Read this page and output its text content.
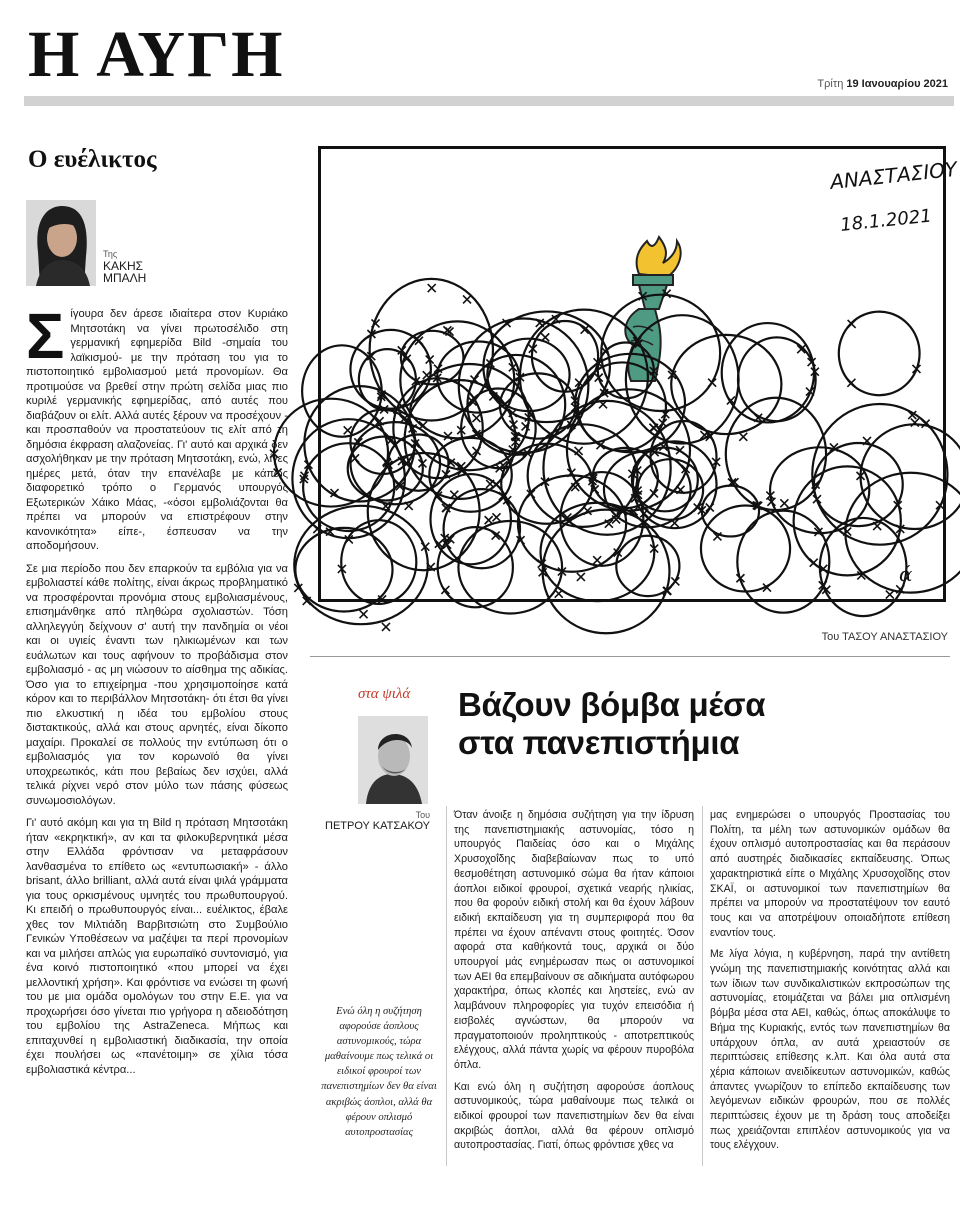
Η ΑΥΓΗ	Τρίτη 19 Ιανουαρίου 2021
Ο ευέλικτος
Της
ΚΑΚΗΣ
ΜΠΑΛΗ

Σίγουρα δεν άρεσε ιδιαίτερα στον Κυριάκο Μητσοτάκη να γίνει πρωτοσέλιδο στη γερμανική εφημερίδα Bild -σημαία του λαϊκισμού- με την πρόταση του για το πιστοποιητικό εμβολιασμού μετά προνομίων. Θα προτιμούσε να βρεθεί στην πρώτη σελίδα μιας πιο κυριλέ γερμανικής εφημερίδας, από αυτές που διαβάζουν οι ελίτ. Αλλά αυτές ξέρουν να προσέχουν - και προσπαθούν να προστατεύουν τις ελίτ από τη δημόσια έκφραση αλαζονείας. Γι' αυτό και αρχικά δεν ασχολήθηκαν με την πρόταση Μητσοτάκη, ενώ, λίγες ημέρες μετά, όταν την επανέλαβε με κάπως διαφορετικό τρόπο ο Γερμανός υπουργός Εξωτερικών Χάικο Μάας, -«όσοι εμβολιάζονται θα πρέπει να μπορούν να επιστρέφουν στην κανονικότητα» είπε-, έσπευσαν να την αποδομήσουν.

Σε μια περίοδο που δεν επαρκούν τα εμβόλια για να εμβολιαστεί κάθε πολίτης, είναι άκρως προβληματικό να προσφέρονται προνόμια στους εμβολιασμένους, επισημάνθηκε από πληθώρα σχολιαστών. Τόση αλληλεγγύη δείχνουν σ' αυτή την πανδημία οι νέοι και οι υγιείς έναντι των ηλικιωμένων και των ευάλωτων και τους αφήνουν το προβάδισμα στον εμβολιασμό - ας μη νιώσουν το αίσθημα της αδικίας. Όσο για το επιχείρημα -που χρησιμοποίησε κατά κόρον και το περιβάλλον Μητσοτάκη- ότι έτσι θα γίνει πιο ελκυστική η ιδέα του εμβολίου στους διστακτικούς, αλλά και στους αρνητές, είναι δίκοπο μαχαίρι. Προκαλεί σε πολλούς την εντύπωση ότι ο εμβολιασμός για τον κορωνοϊό θα γίνει υποχρεωτικός, κάτι που βεβαίως δεν ισχύει, αλλά τελικά ρίχνει νερό στον μύλο των πάσης φύσεως συνωμοσιολόγων.

Γι' αυτό ακόμη και για τη Bild η πρόταση Μητσοτάκη ήταν «εκρηκτική», αν και τα φιλοκυβερνητικά μέσα στην Ελλάδα φρόντισαν να μεταφράσουν λανθασμένα το επίθετο ως «εντυπωσιακή» - άλλο brisant, άλλο brilliant, αλλά αυτά είναι ψιλά γράμματα για τους ορκισμένους υμνητές του πρωθυπουργού. Κι επειδή ο πρωθυπουργός είναι... ευέλικτος, έβαλε χθες τον Μιλτιάδη Βαρβιτσιώτη στο Συμβούλιο Γενικών Υποθέσεων να μαζέψει τα περί προνομίων και να μιλήσει απλώς για ευρωπαϊκό συντονισμό, για ένα κοινό πιστοποιητικό «που μπορεί να έχει μελλοντική χρήση». Και φρόντισε να ενώσει τη φωνή του με μια ομάδα ομολόγων του στην Ε.Ε. για να προχωρήσει όσο γίνεται πιο γρήγορα η αδειοδότηση του εμβολίου της AstraZeneca. Μήπως και επιταχυνθεί η εμβολιαστική διαδικασία, την οποία έχει πουλήσει ως «πανέτοιμη» σε χίλια τόσα εμβολιαστικά κέντρα...

ΑΝΑΣΤΑΣΙΟΥ
18.1.2021
ά
Του ΤΑΣΟΥ ΑΝΑΣΤΑΣΙΟΥ
στα ψιλά
Του
ΠΕΤΡΟΥ ΚΑΤΣΑΚΟΥ
Βάζουν βόμβα μέσα
στα πανεπιστήμια
Ενώ όλη η συζήτηση αφορούσε άοπλους αστυνομικούς, τώρα μαθαίνουμε πως τελικά οι ειδικοί φρουροί των πανεπιστημίων δεν θα είναι ακριβώς άοπλοι, αλλά θα φέρουν οπλισμό αυτοπροστασίας

Όταν άνοιξε η δημόσια συζήτηση για την ίδρυση της πανεπιστημιακής αστυνομίας, τόσο η υπουργός Παιδείας όσο και ο Μιχάλης Χρυσοχοΐδης διαβεβαίωναν πως το υπό θεσμοθέτηση αστυνομικό σώμα θα ήταν κάποιοι άοπλοι ειδικοί φρουροί, σχετικά νεαρής ηλικίας, που θα φορούν ειδική στολή και θα έχουν λάβουν ειδική εκπαίδευση για τη συμπεριφορά που θα πρέπει να έχουν απέναντι στους φοιτητές. Όσον αφορά στα καθήκοντά τους, αρχικά οι δύο υπουργοί μάς ενημέρωσαν πως οι αστυνομικοί των ΑΕΙ θα επεμβαίνουν σε αδικήματα αυτόφωρου χαρακτήρα, όπως κλοπές και ληστείες, ενώ αν λαμβάνουν πληροφορίες για τυχόν επεισόδια ή εισβολές αγνώστων, θα μπορούν να πραγματοποιούν προληπτικούς - αποτρεπτικούς ελέγχους, αλλά πάντα χωρίς να φέρουν πυροβόλα όπλα.

Και ενώ όλη η συζήτηση αφορούσε άοπλους αστυνομικούς, τώρα μαθαίνουμε πως τελικά οι ειδικοί φρουροί των πανεπιστημίων δεν θα είναι ακριβώς άοπλοι, αλλά θα φέρουν οπλισμό αυτοπροστασίας. Γιατί, όπως φρόντισε χθες να

μας ενημερώσει ο υπουργός Προστασίας του Πολίτη, τα μέλη των αστυνομικών ομάδων θα έχουν οπλισμό αυτοπροστασίας και θα περάσουν από αυστηρές διαδικασίες εκπαίδευσης. Όπως χαρακτηριστικά είπε ο Μιχάλης Χρυσοχοΐδης στον ΣΚΑΪ, οι αστυνομικοί των πανεπιστημίων θα πρέπει να μπορούν να προστατέψουν τον εαυτό τους και να αποτρέψουν οποιαδήποτε επίθεση εναντίον τους.

Με λίγα λόγια, η κυβέρνηση, παρά την αντίθετη γνώμη της πανεπιστημιακής κοινότητας αλλά και των ίδιων των συνδικαλιστικών εκπροσώπων της αστυνομίας, ετοιμάζεται να βάλει μια οπλισμένη βόμβα μέσα στα ΑΕΙ, καθώς, όπως αποκάλυψε το Βήμα της Κυριακής, εντός των πανεπιστημίων θα υπάρχουν όπλα, αν αυτά χρειαστούν σε περιπτώσεις επίθεσης κ.λπ. Και όλα αυτά στα χέρια κάποιων ανειδίκευτων αστυνομικών, καθώς άπαντες γνωρίζουν το επίπεδο εκπαίδευσης των λεγόμενων ειδικών φρουρών, που σε πολλές περιπτώσεις έχουν με τη δράση τους αποδείξει πως χρειάζονται επιπλέον αστυνομικούς για να τους ελέγχουν.
